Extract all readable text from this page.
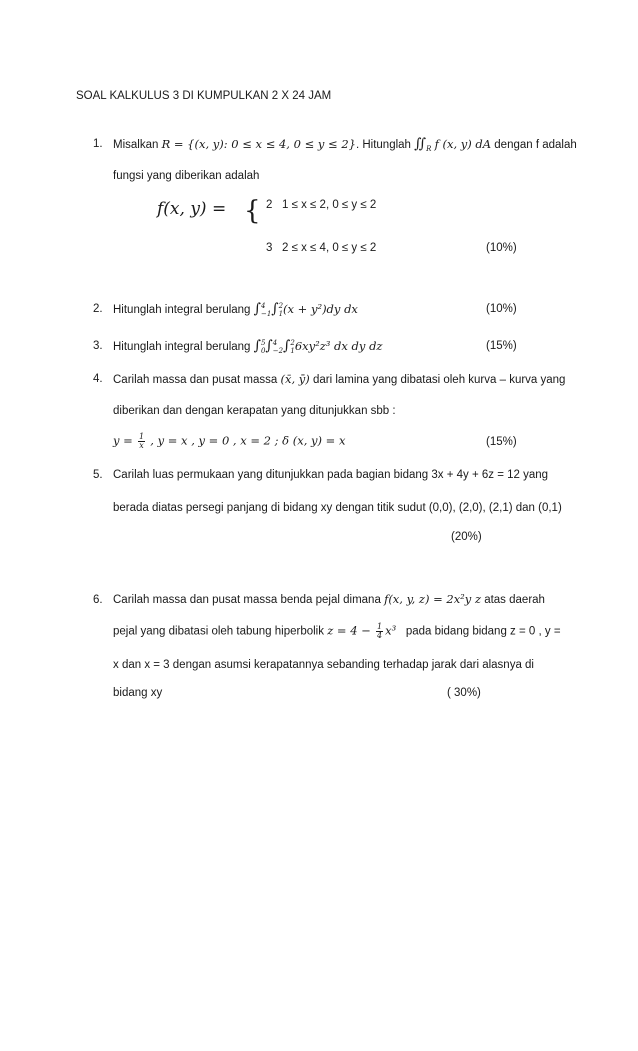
SOAL KALKULUS 3 DI KUMPULKAN 2 X 24 JAM
1. Misalkan R = {(x, y): 0 ≤ x ≤ 4, 0 ≤ y ≤ 2}. Hitunglah $∬_R$ f (x, y) dA dengan f adalah
fungsi yang diberikan adalah
f(x, y) = { 2 1 ≤ x ≤ 2, 0 ≤ y ≤ 2
3 2 ≤ x ≤ 4, 0 ≤ y ≤ 2	(10%)
2. Hitunglah integral berulang ∫ 4
−1 ∫ 2
1 (x + y²)dy dx	(10%)
3. Hitunglah integral berulang ∫ 5
0 ∫ 4
−2 ∫ 2
1 6xy²z³ dx dy dz	(15%)
4. Carilah massa dan pusat massa (x̄, ȳ) dari lamina yang dibatasi oleh kurva – kurva yang
diberikan dan dengan kerapatan yang ditunjukkan sbb :
$y = \frac{1}{x}$ , y = x , y = 0 , x = 2 ; δ (x, y) = x	(15%)
5. Carilah luas permukaan yang ditunjukkan pada bagian bidang 3x + 4y + 6z = 12 yang
berada diatas persegi panjang di bidang xy dengan titik sudut (0,0), (2,0), (2,1) dan (0,1)
(20%)
6. Carilah massa dan pusat massa benda pejal dimana f(x, y, z) = 2x²y z atas daerah
pejal yang dibatasi oleh tabung hiperbolik $z = 4 - \frac{1}{4} x^3$ pada bidang bidang z = 0 , y =
x dan x = 3 dengan asumsi kerapatannya sebanding terhadap jarak dari alasnya di
bidang xy	( 30%)
